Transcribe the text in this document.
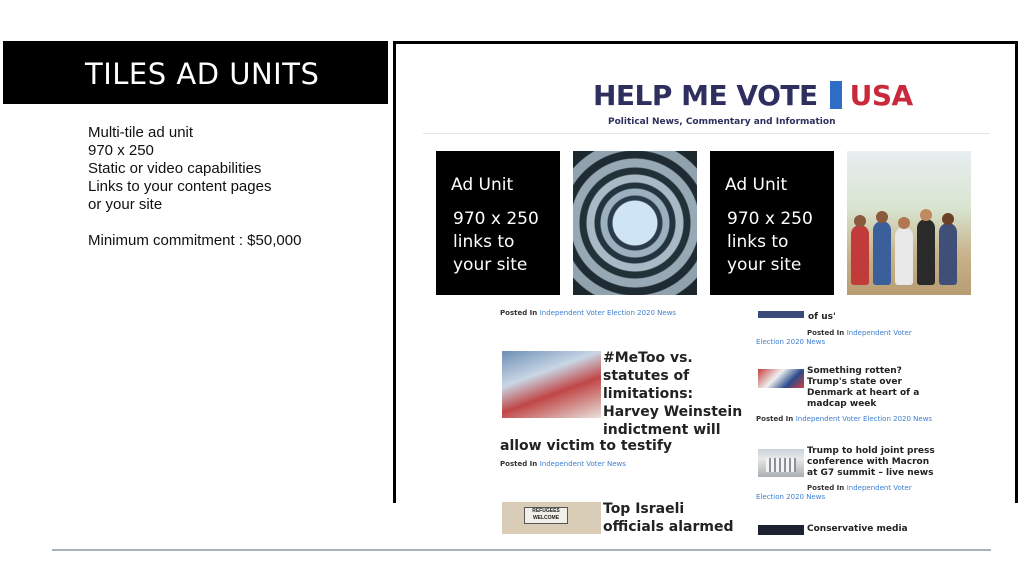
TILES AD UNITS
Multi-tile ad unit
970 x 250
Static or video capabilities
Links to your content pages
or your site
Minimum commitment : $50,000
HELP ME VOTE USA
Political News, Commentary and Information
Ad Unit
970 x 250
links to
your site
Ad Unit
970 x 250
links to
your site
Posted In Independent Voter Election 2020 News
#MeToo vs.
statutes of
limitations:
Harvey Weinstein
indictment will
allow victim to testify
Posted In Independent Voter News
REFUGEES
WELCOME
Top Israeli
officials alarmed
of us'
Posted In Independent Voter
Election 2020 News
Something rotten?
Trump's state over
Denmark at heart of a
madcap week
Posted In Independent Voter Election 2020 News
Trump to hold joint press
conference with Macron
at G7 summit – live news
Posted In Independent Voter
Election 2020 News
Conservative media
